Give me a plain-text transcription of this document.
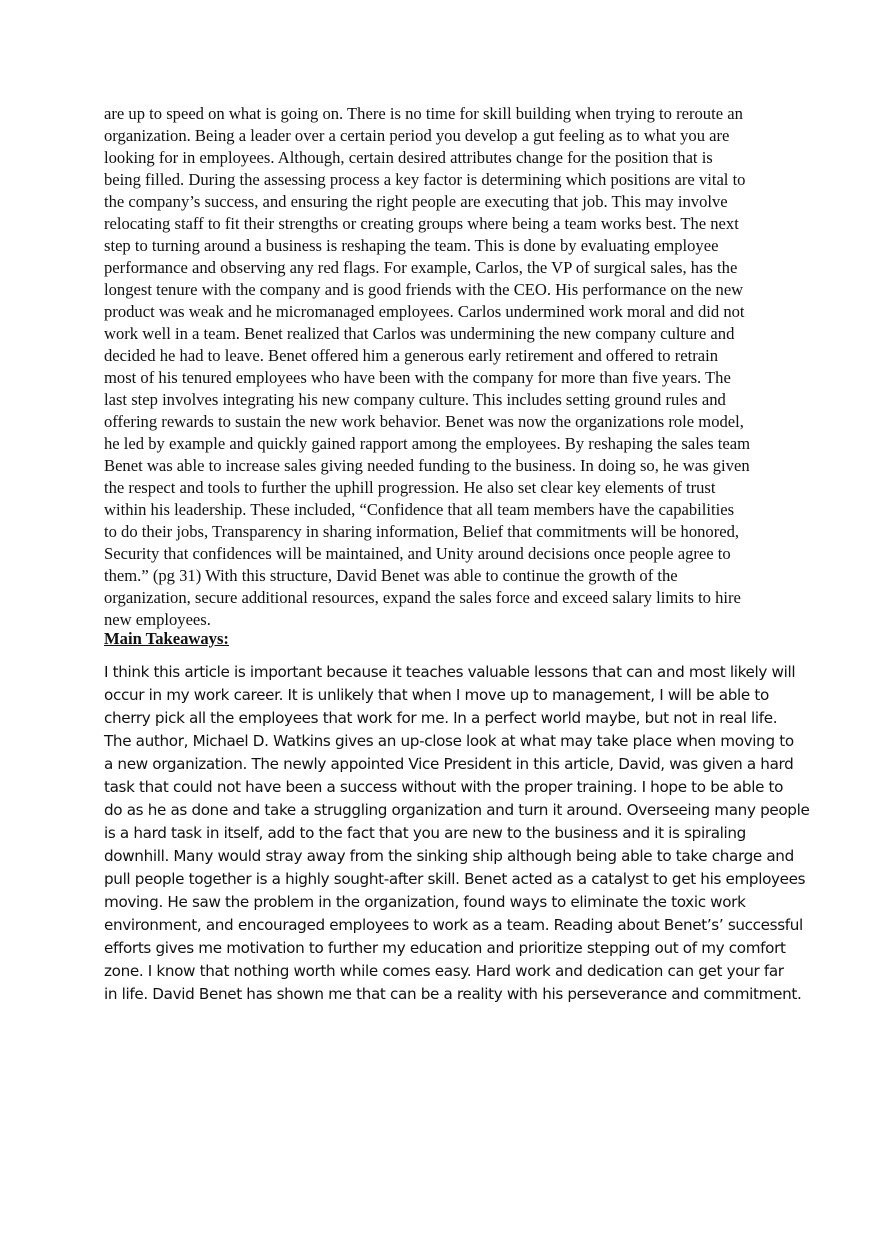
are up to speed on what is going on. There is no time for skill building when trying to reroute an
organization. Being a leader over a certain period you develop a gut feeling as to what you are
looking for in employees. Although, certain desired attributes change for the position that is
being filled. During the assessing process a key factor is determining which positions are vital to
the company’s success, and ensuring the right people are executing that job. This may involve
relocating staff to fit their strengths or creating groups where being a team works best. The next
step to turning around a business is reshaping the team. This is done by evaluating employee
performance and observing any red flags. For example, Carlos, the VP of surgical sales, has the
longest tenure with the company and is good friends with the CEO. His performance on the new
product was weak and he micromanaged employees. Carlos undermined work moral and did not
work well in a team. Benet realized that Carlos was undermining the new company culture and
decided he had to leave. Benet offered him a generous early retirement and offered to retrain
most of his tenured employees who have been with the company for more than five years. The
last step involves integrating his new company culture. This includes setting ground rules and
offering rewards to sustain the new work behavior. Benet was now the organizations role model,
he led by example and quickly gained rapport among the employees. By reshaping the sales team
Benet was able to increase sales giving needed funding to the business. In doing so, he was given
the respect and tools to further the uphill progression. He also set clear key elements of trust
within his leadership. These included, “Confidence that all team members have the capabilities
to do their jobs, Transparency in sharing information, Belief that commitments will be honored,
Security that confidences will be maintained, and Unity around decisions once people agree to
them.” (pg 31) With this structure, David Benet was able to continue the growth of the
organization, secure additional resources, expand the sales force and exceed salary limits to hire
new employees.
Main Takeaways:
I think this article is important because it teaches valuable lessons that can and most likely will
occur in my work career. It is unlikely that when I move up to management, I will be able to
cherry pick all the employees that work for me. In a perfect world maybe, but not in real life.
The author, Michael D. Watkins gives an up-close look at what may take place when moving to
a new organization. The newly appointed Vice President in this article, David, was given a hard
task that could not have been a success without with the proper training. I hope to be able to
do as he as done and take a struggling organization and turn it around. Overseeing many people
is a hard task in itself, add to the fact that you are new to the business and it is spiraling
downhill. Many would stray away from the sinking ship although being able to take charge and
pull people together is a highly sought-after skill. Benet acted as a catalyst to get his employees
moving. He saw the problem in the organization, found ways to eliminate the toxic work
environment, and encouraged employees to work as a team. Reading about Benet’s’ successful
efforts gives me motivation to further my education and prioritize stepping out of my comfort
zone. I know that nothing worth while comes easy. Hard work and dedication can get your far
in life. David Benet has shown me that can be a reality with his perseverance and commitment.
